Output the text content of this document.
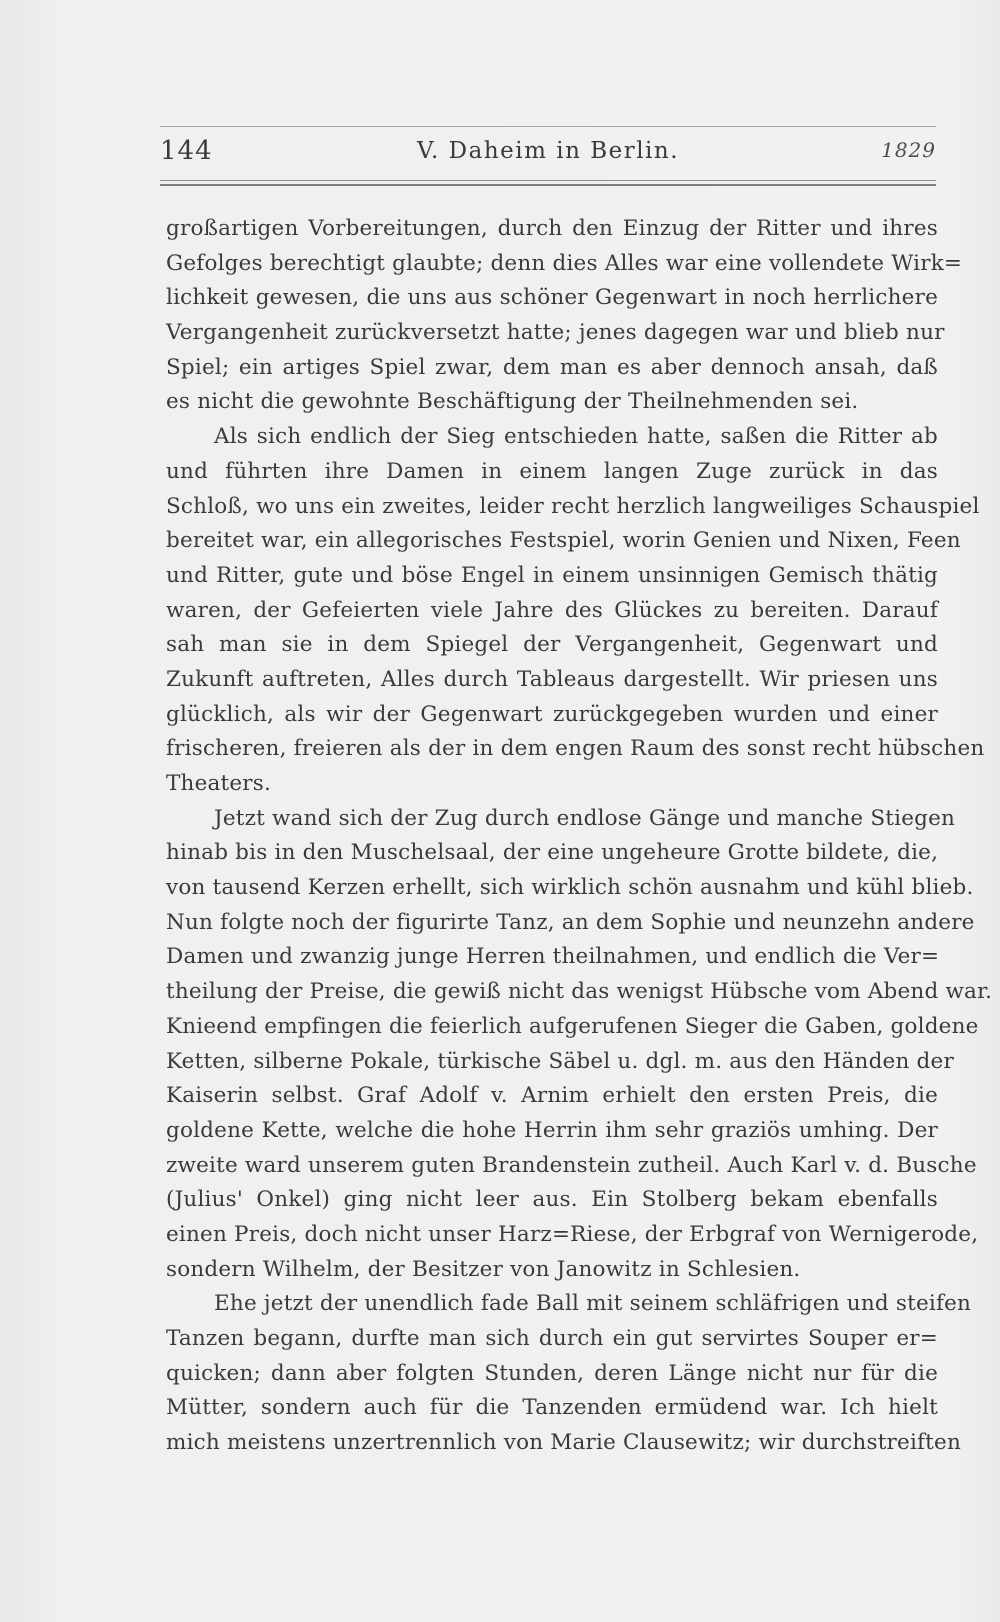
144	V. Daheim in Berlin.	1829
großartigen Vorbereitungen, durch den Einzug der Ritter und ihres
Gefolges berechtigt glaubte; denn dies Alles war eine vollendete Wirk=
lichkeit gewesen, die uns aus schöner Gegenwart in noch herrlichere
Vergangenheit zurückversetzt hatte; jenes dagegen war und blieb nur
Spiel; ein artiges Spiel zwar, dem man es aber dennoch ansah, daß
es nicht die gewohnte Beschäftigung der Theilnehmenden sei.
Als sich endlich der Sieg entschieden hatte, saßen die Ritter ab
und führten ihre Damen in einem langen Zuge zurück in das
Schloß, wo uns ein zweites, leider recht herzlich langweiliges Schauspiel
bereitet war, ein allegorisches Festspiel, worin Genien und Nixen, Feen
und Ritter, gute und böse Engel in einem unsinnigen Gemisch thätig
waren, der Gefeierten viele Jahre des Glückes zu bereiten. Darauf
sah man sie in dem Spiegel der Vergangenheit, Gegenwart und
Zukunft auftreten, Alles durch Tableaus dargestellt. Wir priesen uns
glücklich, als wir der Gegenwart zurückgegeben wurden und einer
frischeren, freieren als der in dem engen Raum des sonst recht hübschen
Theaters.
Jetzt wand sich der Zug durch endlose Gänge und manche Stiegen
hinab bis in den Muschelsaal, der eine ungeheure Grotte bildete, die,
von tausend Kerzen erhellt, sich wirklich schön ausnahm und kühl blieb.
Nun folgte noch der figurirte Tanz, an dem Sophie und neunzehn andere
Damen und zwanzig junge Herren theilnahmen, und endlich die Ver=
theilung der Preise, die gewiß nicht das wenigst Hübsche vom Abend war.
Knieend empfingen die feierlich aufgerufenen Sieger die Gaben, goldene
Ketten, silberne Pokale, türkische Säbel u. dgl. m. aus den Händen der
Kaiserin selbst. Graf Adolf v. Arnim erhielt den ersten Preis, die
goldene Kette, welche die hohe Herrin ihm sehr graziös umhing. Der
zweite ward unserem guten Brandenstein zutheil. Auch Karl v. d. Busche
(Julius' Onkel) ging nicht leer aus. Ein Stolberg bekam ebenfalls
einen Preis, doch nicht unser Harz=Riese, der Erbgraf von Wernigerode,
sondern Wilhelm, der Besitzer von Janowitz in Schlesien.
Ehe jetzt der unendlich fade Ball mit seinem schläfrigen und steifen
Tanzen begann, durfte man sich durch ein gut servirtes Souper er=
quicken; dann aber folgten Stunden, deren Länge nicht nur für die
Mütter, sondern auch für die Tanzenden ermüdend war. Ich hielt
mich meistens unzertrennlich von Marie Clausewitz; wir durchstreiften
